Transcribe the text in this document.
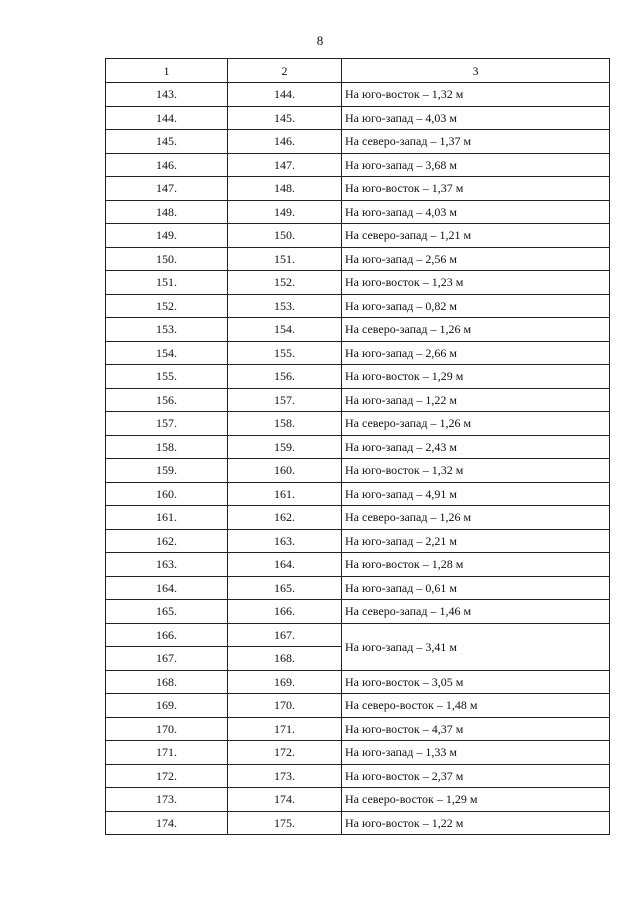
8
1	2	3
143.	144.	На юго-восток – 1,32 м
144.	145.	На юго-запад – 4,03 м
145.	146.	На северо-запад – 1,37 м
146.	147.	На юго-запад – 3,68 м
147.	148.	На юго-восток – 1,37 м
148.	149.	На юго-запад – 4,03 м
149.	150.	На северо-запад – 1,21 м
150.	151.	На юго-запад – 2,56 м
151.	152.	На юго-восток – 1,23 м
152.	153.	На юго-запад – 0,82 м
153.	154.	На северо-запад – 1,26 м
154.	155.	На юго-запад – 2,66 м
155.	156.	На юго-восток – 1,29 м
156.	157.	На юго-запад – 1,22 м
157.	158.	На северо-запад – 1,26 м
158.	159.	На юго-запад – 2,43 м
159.	160.	На юго-восток – 1,32 м
160.	161.	На юго-запад – 4,91 м
161.	162.	На северо-запад – 1,26 м
162.	163.	На юго-запад – 2,21 м
163.	164.	На юго-восток – 1,28 м
164.	165.	На юго-запад – 0,61 м
165.	166.	На северо-запад – 1,46 м
166.	167.	На юго-запад – 3,41 м
167.	168.	
168.	169.	На юго-восток – 3,05 м
169.	170.	На северо-восток – 1,48 м
170.	171.	На юго-восток – 4,37 м
171.	172.	На юго-запад – 1,33 м
172.	173.	На юго-восток – 2,37 м
173.	174.	На северо-восток – 1,29 м
174.	175.	На юго-восток – 1,22 м
